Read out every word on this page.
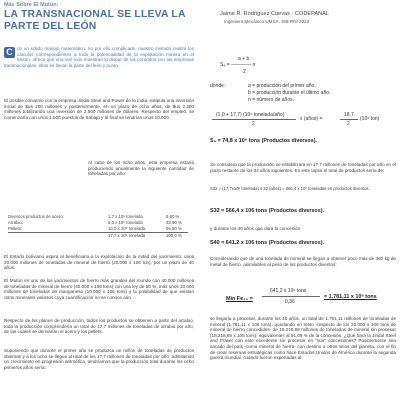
Más Sobre El Mutún:
LA TRANSNACIONAL SE LLEVA LA PARTE DEL LEÓN
Jaime R. Rodríguez Cuevas · CODEPANAL
Ingeniero Mecánico UMSA. SIB RNI 2223
C on un sólido manejo matemático, no por ello complicado, nuestro invitado realiza los cálculos correspondientes a toda la potencialidad de la explotación minera en el Mutún, ofrece que una vez más muestran lo dispar de los contratos con las empresas transnacionales, ellas se llevan la parte del león y punto.
El posible convenio con la empresa Jindal Steel and Power de la India, estipula una inversión inicial de $us 200 millones y posteriormente, en un plazo de ocho años, de $us 2.300 millones totalizando una inversión de 2.500 millones de dólares. Respecto del empleo, se comenzaría con unos 1.500 puestos de trabajo y al final se tendrían unos 10.000.
Al cabo de los ocho años, esta empresa estaría produciendo anualmente la siguiente cantidad de toneladas por año:
Diversos productos de acero:	1,7 x 10⁶ tonelada	9,60 %
Arrabio:	6,0 x 10⁶ tonelada	33,90 %
Pellets:	10,0 x 10⁶ tonelada	56,50 %
17,7 x 10⁶ tonelada	100,0 %
El Estado boliviano aspira al beneficiario a la explotación de la mitad del yacimiento, unos 20.000 millones de toneladas de mineral de hierro (20.000 x 106 ton), por un plazo de 40 años.
El Mutún es uno de los yacimientos de hierro más grandes del mundo con 40.000 millones de toneladas de mineral de hierro (40.000 x 106 tons) con una ley de 50 %, más unos 10.000 millones de toneladas de manganeso (10.000 x 106 tons) y la posibilidad de que existan otros minerales valiosos cuya cuantificación no se conoce aún.
Respecto de los planes de producción, todos los productos se obtienen a partir del arrabio, toda la producción comprendería un total de 17,7 millones de toneladas de arrabio por año, de las cuales se derivarían el acero y los pellets.
Suponiendo que durante el primer año se produzca un millón de toneladas de productos diversos y a los ocho se llegue al total de los 17,7 millones de toneladas por año, admitiendo un crecimiento en progresión aritmética, tendríamos que la producción total durante los ocho primeros años sería:
a + b
S₈ = ———— n
2
donde:	a = producción del primer año.
b = producción durante el último año.
n = número de años.
(1,0 + 17,7) (10⁶ tonelada/año)
2
x (años) =
18,7
2
(10⁶ ton)
S₈ = 74,8 x 10⁶ tons (Productos diversos).
Se considera que la producción se estabilizará en 17,7 millones de toneladas por año en el plazo restante de los 32 años siguientes. En este lapso el total de productos sería de:
S32 = (17,7x10⁶ tonelada) x 32 (años) = 566,4 x 10⁶ toneladas en productos diversos.
S32 = 566,4 x 106 tons (Productos diversos).
y durante los 40 años que dura la concesión
S40 = 641,2 x 106 tons (Productos diversos).
Considerando que de una tonelada de mineral se llegan a obtener poco más de 360 kg de metal de hierro, asimilables al peso de los productos diversos:
Min Fe₄₀ =
641,2 x 10⁶ tons
0,36
= 1.781,11 x 10⁶ tons
se llegaría a procesar, durante los 40 años, un total de 1.781,11 millones de toneladas de mineral (1.781,11 x 106 tons), quedando un resto -respecto de los 20.000 x 106 tons de mineral de hierro concedidos- de 18.218,89 millones de toneladas de mineral sin procesar (18.218,89 x 106 tons), equivalentes al 91,09 % de la concesión. ¿Qué hará la Jindal Steel and Power con este excedente sin procesar en "sus" concesiones? Posiblemente sea sacado del país -como mineral de hierro- con destino a otros sitios del planeta, con el fin de crear reservas estratégicas como hace Estados Unidos de América durante la segunda guerra mundial, cuando fueron exportadas al
